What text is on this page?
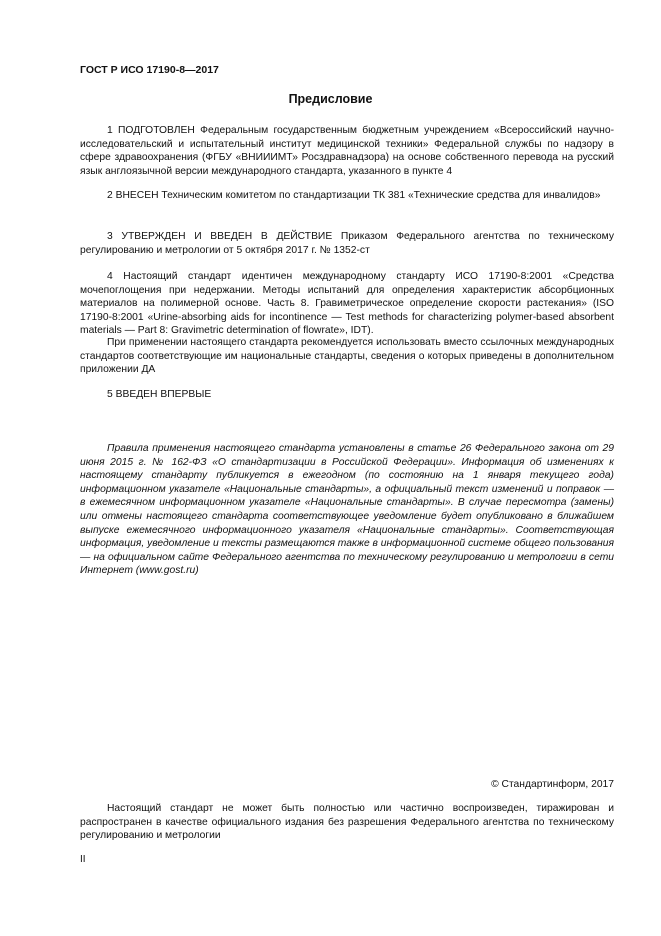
ГОСТ Р ИСО 17190-8—2017
Предисловие
1 ПОДГОТОВЛЕН Федеральным государственным бюджетным учреждением «Всероссийский научно-исследовательский и испытательный институт медицинской техники» Федеральной службы по надзору в сфере здравоохранения (ФГБУ «ВНИИИМТ» Росздравнадзора) на основе собственного перевода на русский язык англоязычной версии международного стандарта, указанного в пункте 4
2 ВНЕСЕН Техническим комитетом по стандартизации ТК 381 «Технические средства для инвалидов»
3 УТВЕРЖДЕН И ВВЕДЕН В ДЕЙСТВИЕ Приказом Федерального агентства по техническому регулированию и метрологии от 5 октября 2017 г. № 1352-ст
4 Настоящий стандарт идентичен международному стандарту ИСО 17190-8:2001 «Средства мочепоглощения при недержании. Методы испытаний для определения характеристик абсорбционных материалов на полимерной основе. Часть 8. Гравиметрическое определение скорости растекания» (ISO 17190-8:2001 «Urine-absorbing aids for incontinence — Test methods for characterizing polymer-based absorbent materials — Part 8: Gravimetric determination of flowrate», IDT).
При применении настоящего стандарта рекомендуется использовать вместо ссылочных международных стандартов соответствующие им национальные стандарты, сведения о которых приведены в дополнительном приложении ДА
5 ВВЕДЕН ВПЕРВЫЕ
Правила применения настоящего стандарта установлены в статье 26 Федерального закона от 29 июня 2015 г. № 162-ФЗ «О стандартизации в Российской Федерации». Информация об изменениях к настоящему стандарту публикуется в ежегодном (по состоянию на 1 января текущего года) информационном указателе «Национальные стандарты», а официальный текст изменений и поправок — в ежемесячном информационном указателе «Национальные стандарты». В случае пересмотра (замены) или отмены настоящего стандарта соответствующее уведомление будет опубликовано в ближайшем выпуске ежемесячного информационного указателя «Национальные стандарты». Соответствующая информация, уведомление и тексты размещаются также в информационной системе общего пользования — на официальном сайте Федерального агентства по техническому регулированию и метрологии в сети Интернет (www.gost.ru)
© Стандартинформ, 2017
Настоящий стандарт не может быть полностью или частично воспроизведен, тиражирован и распространен в качестве официального издания без разрешения Федерального агентства по техническому регулированию и метрологии
II
